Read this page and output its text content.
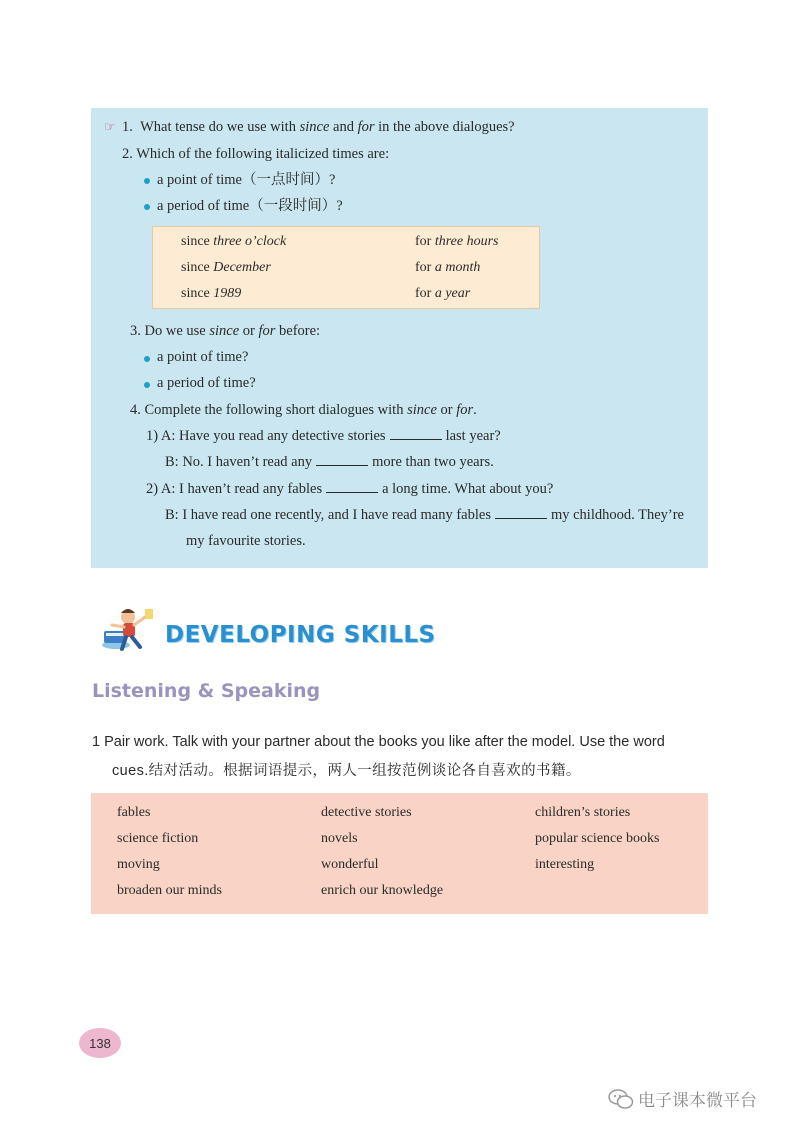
☞ 1. What tense do we use with since and for in the above dialogues?
2. Which of the following italicized times are:
a point of time（一点时间）?
a period of time（一段时间）?
since three o’clock	for three hours
since December	for a month
since 1989	for a year
3. Do we use since or for before:
a point of time?
a period of time?
4. Complete the following short dialogues with since or for.
1) A: Have you read any detective stories	last year?
B: No. I haven’t read any	more than two years.
2) A: I haven’t read any fables	a long time. What about you?
B: I have read one recently, and I have read many fables	my childhood. They’re
my favourite stories.
DEVELOPING SKILLS
Listening & Speaking
1 Pair work. Talk with your partner about the books you like after the model. Use the word
cues.结对活动。根据词语提示，两人一组按范例谈论各自喜欢的书籍。
fables	detective stories	children’s stories
science fiction	novels	popular science books
moving	wonderful	interesting
broaden our minds	enrich our knowledge
138
电子课本微平台
